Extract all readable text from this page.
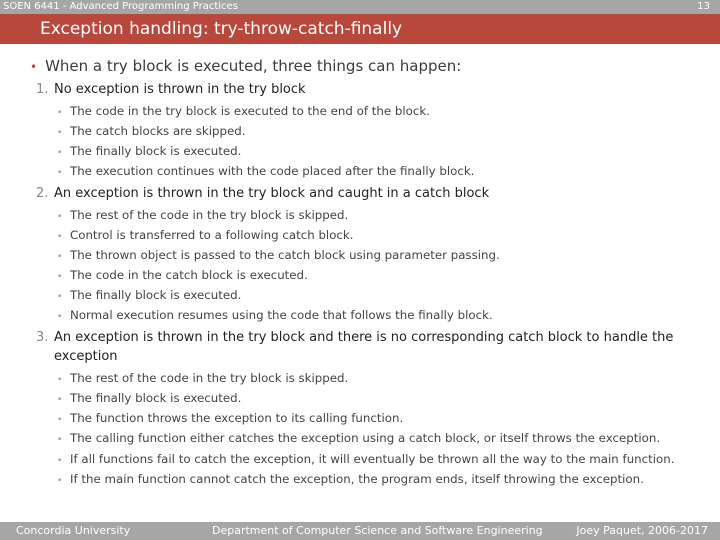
SOEN 6441 - Advanced Programming Practices	13
Exception handling: try-throw-catch-finally
• When a try block is executed, three things can happen:
1. No exception is thrown in the try block
• The code in the try block is executed to the end of the block.
• The catch blocks are skipped.
• The finally block is executed.
• The execution continues with the code placed after the finally block.
2. An exception is thrown in the try block and caught in a catch block
• The rest of the code in the try block is skipped.
• Control is transferred to a following catch block.
• The thrown object is passed to the catch block using parameter passing.
• The code in the catch block is executed.
• The finally block is executed.
• Normal execution resumes using the code that follows the finally block.
3. An exception is thrown in the try block and there is no corresponding catch block to handle the
exception
• The rest of the code in the try block is skipped.
• The finally block is executed.
• The function throws the exception to its calling function.
• The calling function either catches the exception using a catch block, or itself throws the exception.
• If all functions fail to catch the exception, it will eventually be thrown all the way to the main function.
• If the main function cannot catch the exception, the program ends, itself throwing the exception.
Concordia University	Department of Computer Science and Software Engineering	Joey Paquet, 2006-2017
